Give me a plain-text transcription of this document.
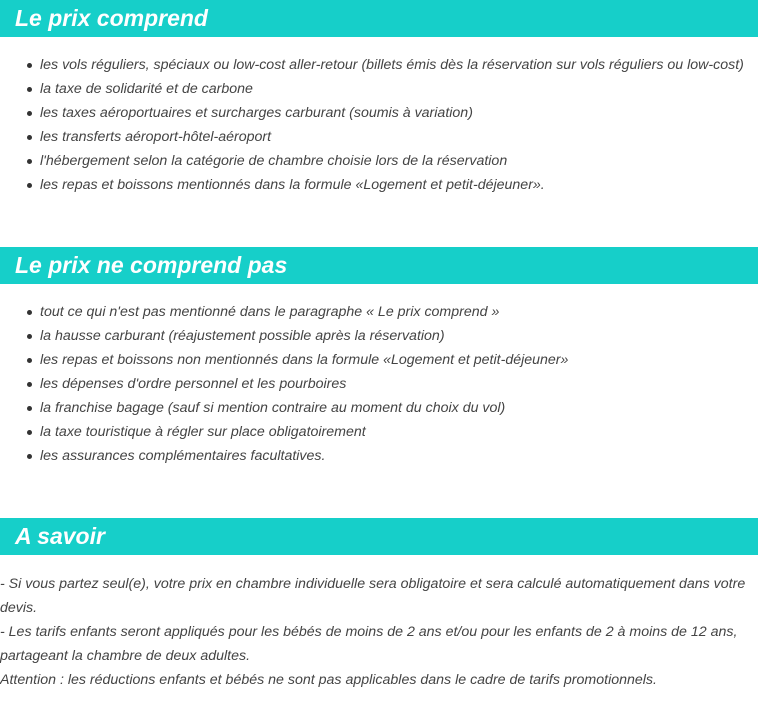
Le prix comprend
les vols réguliers, spéciaux ou low-cost aller-retour (billets émis dès la réservation sur vols réguliers ou low-cost)
la taxe de solidarité et de carbone
les taxes aéroportuaires et surcharges carburant (soumis à variation)
les transferts aéroport-hôtel-aéroport
l'hébergement selon la catégorie de chambre choisie lors de la réservation
les repas et boissons mentionnés dans la formule «Logement et petit-déjeuner».
Le prix ne comprend pas
tout ce qui n'est pas mentionné dans le paragraphe « Le prix comprend »
la hausse carburant (réajustement possible après la réservation)
les repas et boissons non mentionnés dans la formule «Logement et petit-déjeuner»
les dépenses d'ordre personnel et les pourboires
la franchise bagage (sauf si mention contraire au moment du choix du vol)
la taxe touristique à régler sur place obligatoirement
les assurances complémentaires facultatives.
A savoir

- Si vous partez seul(e), votre prix en chambre individuelle sera obligatoire et sera calculé automatiquement dans votre devis.

- Les tarifs enfants seront appliqués pour les bébés de moins de 2 ans et/ou pour les enfants de 2 à moins de 12 ans, partageant la chambre de deux adultes.

Attention : les réductions enfants et bébés ne sont pas applicables dans le cadre de tarifs promotionnels.
